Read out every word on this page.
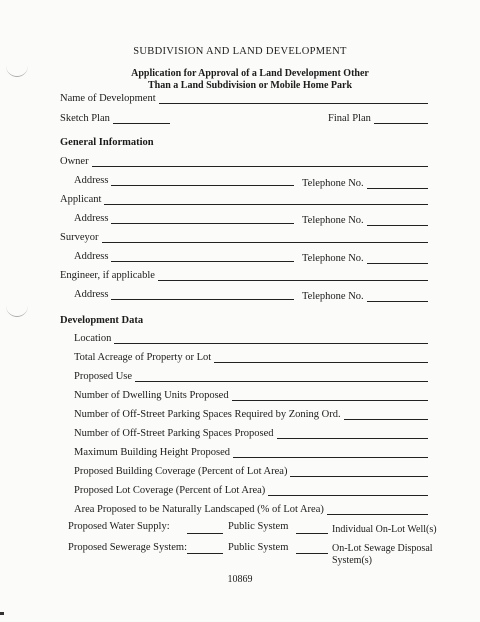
SUBDIVISION AND LAND DEVELOPMENT
Application for Approval of a Land Development Other
Than a Land Subdivision or Mobile Home Park
Name of Development
Sketch Plan	Final Plan
General Information
Owner
Address	Telephone No.
Applicant
Address	Telephone No.
Surveyor
Address	Telephone No.
Engineer, if applicable
Address	Telephone No.
Development Data
Location
Total Acreage of Property or Lot
Proposed Use
Number of Dwelling Units Proposed
Number of Off-Street Parking Spaces Required by Zoning Ord.
Number of Off-Street Parking Spaces Proposed
Maximum Building Height Proposed
Proposed Building Coverage (Percent of Lot Area)
Proposed Lot Coverage (Percent of Lot Area)
Area Proposed to be Naturally Landscaped (% of Lot Area)
Proposed Water Supply:	Public System	Individual On-Lot Well(s)
Proposed Sewerage System:	Public System	On-Lot Sewage Disposal
System(s)
10869
